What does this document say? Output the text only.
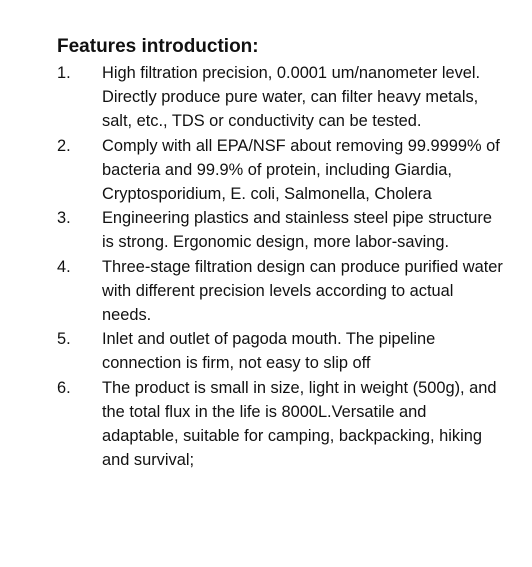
Features introduction:
1.	High filtration precision, 0.0001 um/nanometer level. Directly produce pure water, can filter heavy metals, salt, etc., TDS or conductivity can be tested.
2.	Comply with all EPA/NSF about removing 99.9999% of bacteria and 99.9% of protein, including Giardia, Cryptosporidium, E. coli, Salmonella, Cholera
3.	Engineering plastics and stainless steel pipe structure is strong. Ergonomic design, more labor-saving.
4.	Three-stage filtration design can produce purified water with different precision levels according to actual needs.
5.	Inlet and outlet of pagoda mouth. The pipeline connection is firm, not easy to slip off
6.	The product is small in size, light in weight (500g), and the total flux in the life is 8000L.Versatile and adaptable, suitable for camping, backpacking, hiking and survival;
